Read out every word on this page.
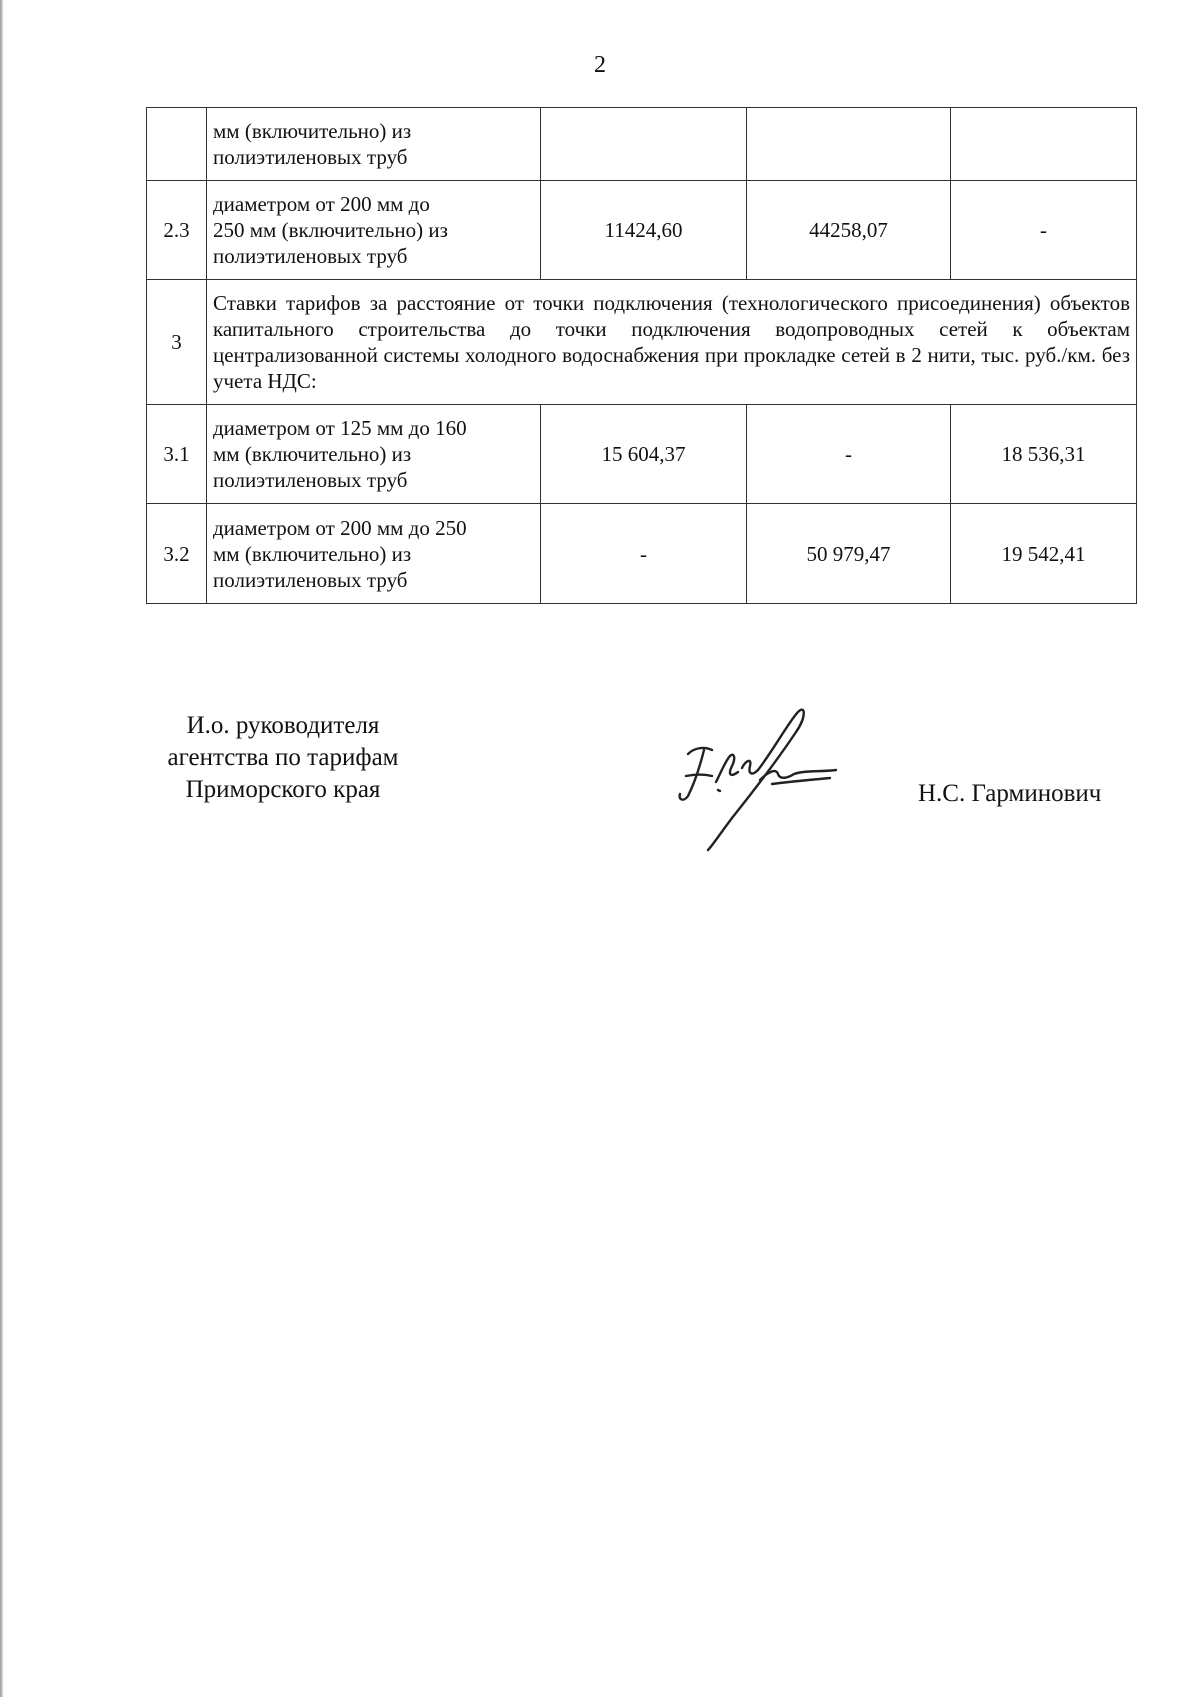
2

	мм (включительно) из
полиэтиленовых труб			

2.3	диаметром от 200 мм до
250 мм (включительно) из
полиэтиленовых труб	11424,60	44258,07	-
3	Ставки тарифов за расстояние от точки подключения (технологического присоединения) объектов капитального строительства до точки подключения водопроводных сетей к объектам централизованной системы холодного водоснабжения при прокладке сетей в 2 нити, тыс. руб./км. без учета НДС:			
3.1	диаметром от 125 мм до 160
мм (включительно) из
полиэтиленовых труб	15 604,37	-	18 536,31
3.2	диаметром от 200 мм до 250
мм (включительно) из
полиэтиленовых труб	-	50 979,47	19 542,41
И.о. руководителя
агентства по тарифам
Приморского края	Н.С. Гарминович
